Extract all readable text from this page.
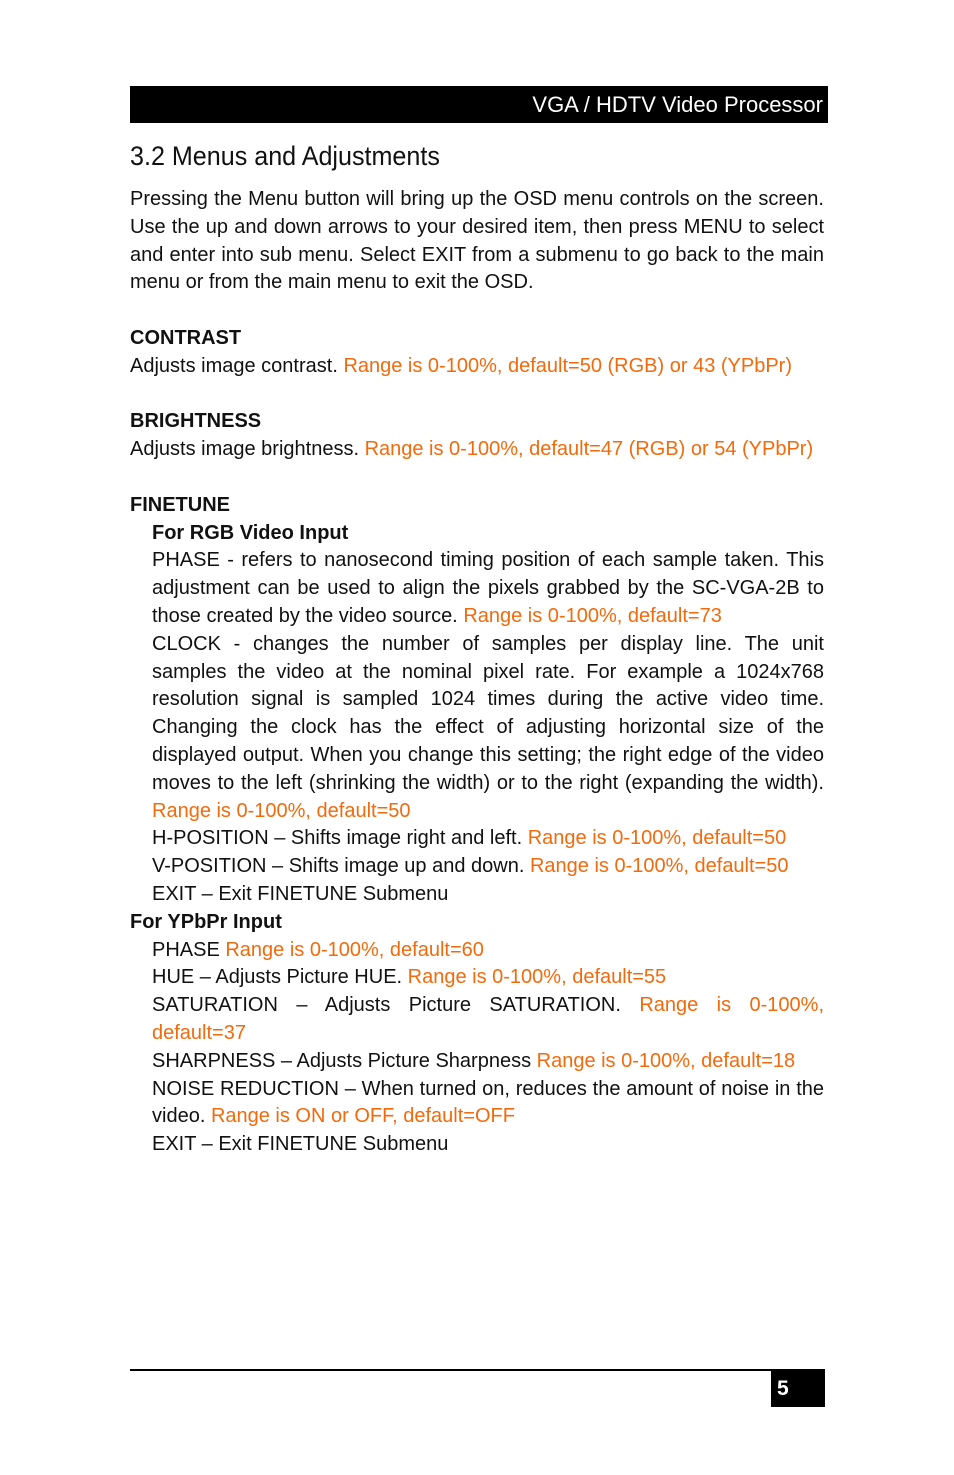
VGA / HDTV Video Processor
3.2 Menus and Adjustments

Pressing the Menu button will bring up the OSD menu controls on the screen. Use the up and down arrows to your desired item, then press MENU to select and enter into sub menu. Select EXIT from a submenu to go back to the main menu or from the main menu to exit the OSD.

CONTRAST

Adjusts image contrast. Range is 0-100%, default=50 (RGB) or 43 (YPbPr)

BRIGHTNESS

Adjusts image brightness. Range is 0-100%, default=47 (RGB) or 54 (YPbPr)

FINETUNE
For RGB Video Input

PHASE - refers to nanosecond timing position of each sample taken. This adjustment can be used to align the pixels grabbed by the SC-VGA-2B to those created by the video source. Range is 0-100%, default=73

CLOCK - changes the number of samples per display line. The unit samples the video at the nominal pixel rate. For example a 1024x768 resolution signal is sampled 1024 times during the active video time. Changing the clock has the effect of adjusting horizontal size of the displayed output. When you change this setting; the right edge of the video moves to the left (shrinking the width) or to the right (expanding the width). Range is 0-100%, default=50

H-POSITION – Shifts image right and left. Range is 0-100%, default=50

V-POSITION – Shifts image up and down. Range is 0-100%, default=50

EXIT – Exit FINETUNE Submenu

For YPbPr Input

PHASE Range is 0-100%, default=60

HUE – Adjusts Picture HUE. Range is 0-100%, default=55

SATURATION – Adjusts Picture SATURATION. Range is 0-100%, default=37

SHARPNESS – Adjusts Picture Sharpness Range is 0-100%, default=18

NOISE REDUCTION – When turned on, reduces the amount of noise in the video. Range is ON or OFF, default=OFF

EXIT – Exit FINETUNE Submenu

5
